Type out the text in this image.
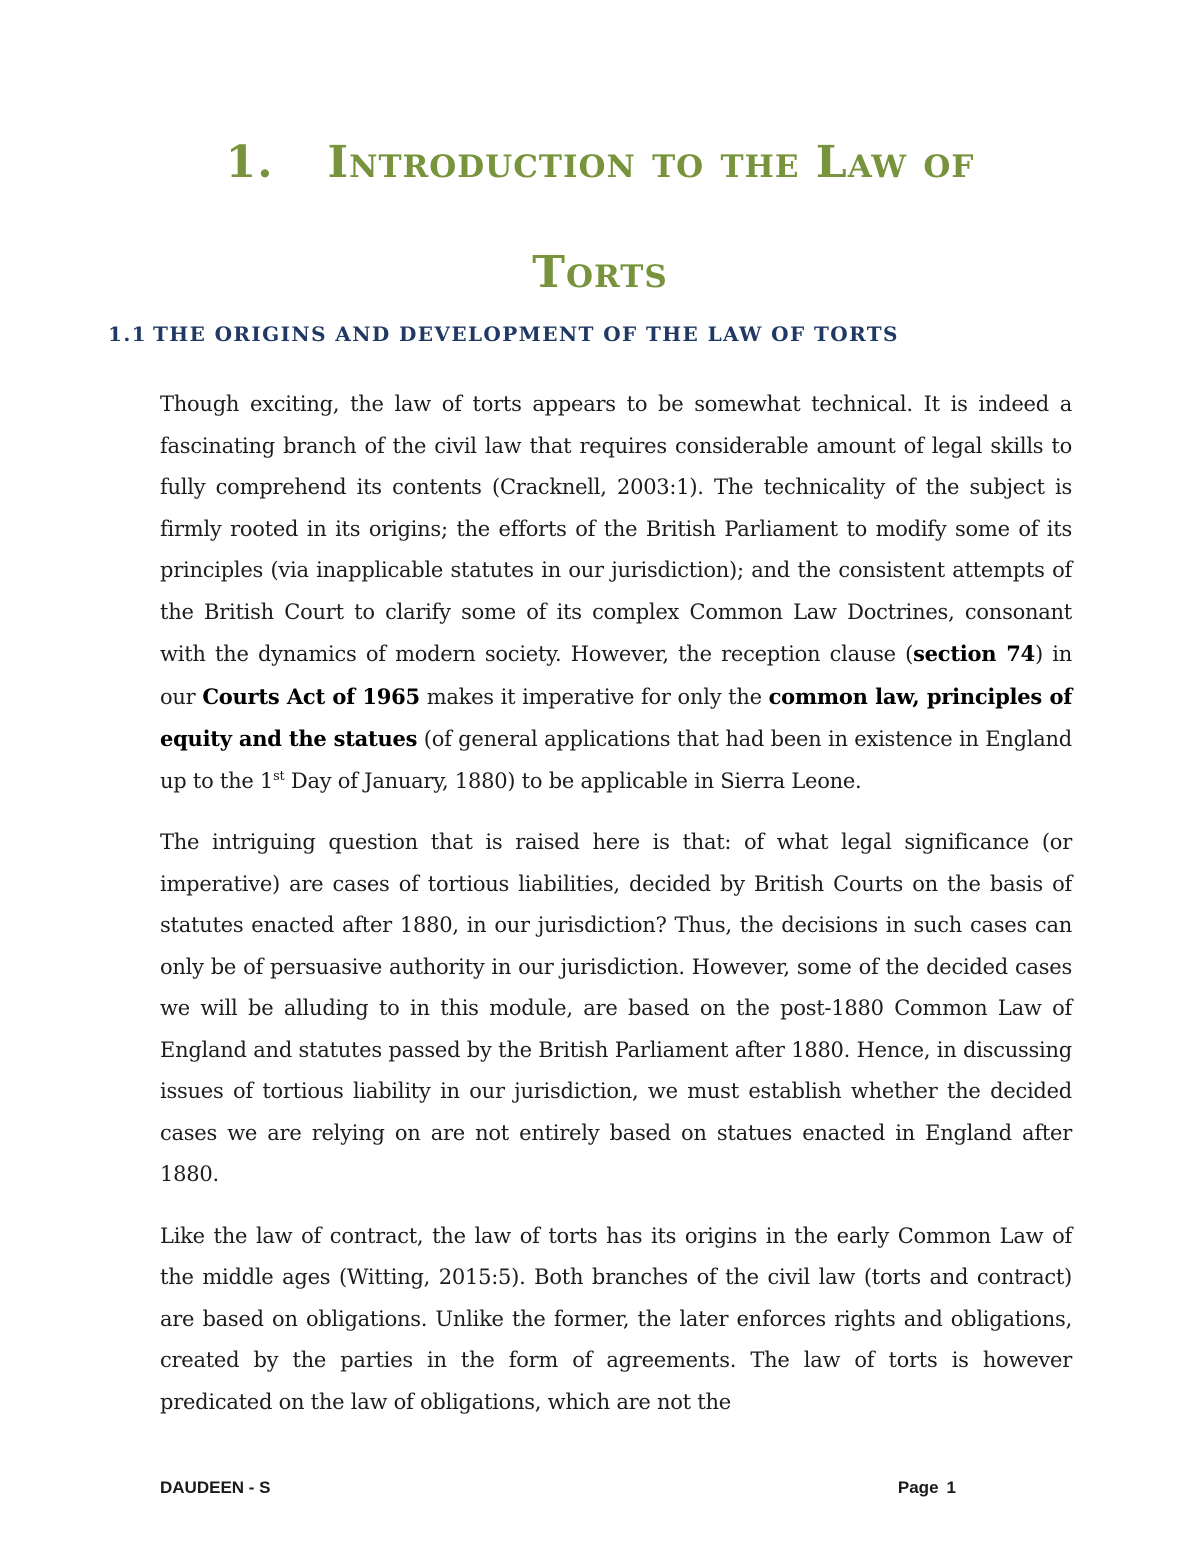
1. Introduction to the Law of
Torts
1.1 THE ORIGINS AND DEVELOPMENT OF THE LAW OF TORTS

Though exciting, the law of torts appears to be somewhat technical. It is indeed a fascinating branch of the civil law that requires considerable amount of legal skills to fully comprehend its contents (Cracknell, 2003:1). The technicality of the subject is firmly rooted in its origins; the efforts of the British Parliament to modify some of its principles (via inapplicable statutes in our jurisdiction); and the consistent attempts of the British Court to clarify some of its complex Common Law Doctrines, consonant with the dynamics of modern society. However, the reception clause (section 74) in our Courts Act of 1965 makes it imperative for only the common law, principles of equity and the statues (of general applications that had been in existence in England up to the 1st Day of January, 1880) to be applicable in Sierra Leone.

The intriguing question that is raised here is that: of what legal significance (or imperative) are cases of tortious liabilities, decided by British Courts on the basis of statutes enacted after 1880, in our jurisdiction? Thus, the decisions in such cases can only be of persuasive authority in our jurisdiction. However, some of the decided cases we will be alluding to in this module, are based on the post-1880 Common Law of England and statutes passed by the British Parliament after 1880. Hence, in discussing issues of tortious liability in our jurisdiction, we must establish whether the decided cases we are relying on are not entirely based on statues enacted in England after 1880.

Like the law of contract, the law of torts has its origins in the early Common Law of the middle ages (Witting, 2015:5). Both branches of the civil law (torts and contract) are based on obligations. Unlike the former, the later enforces rights and obligations, created by the parties in the form of agreements. The law of torts is however predicated on the law of obligations, which are not the

DAUDEEN - S	Page 1
